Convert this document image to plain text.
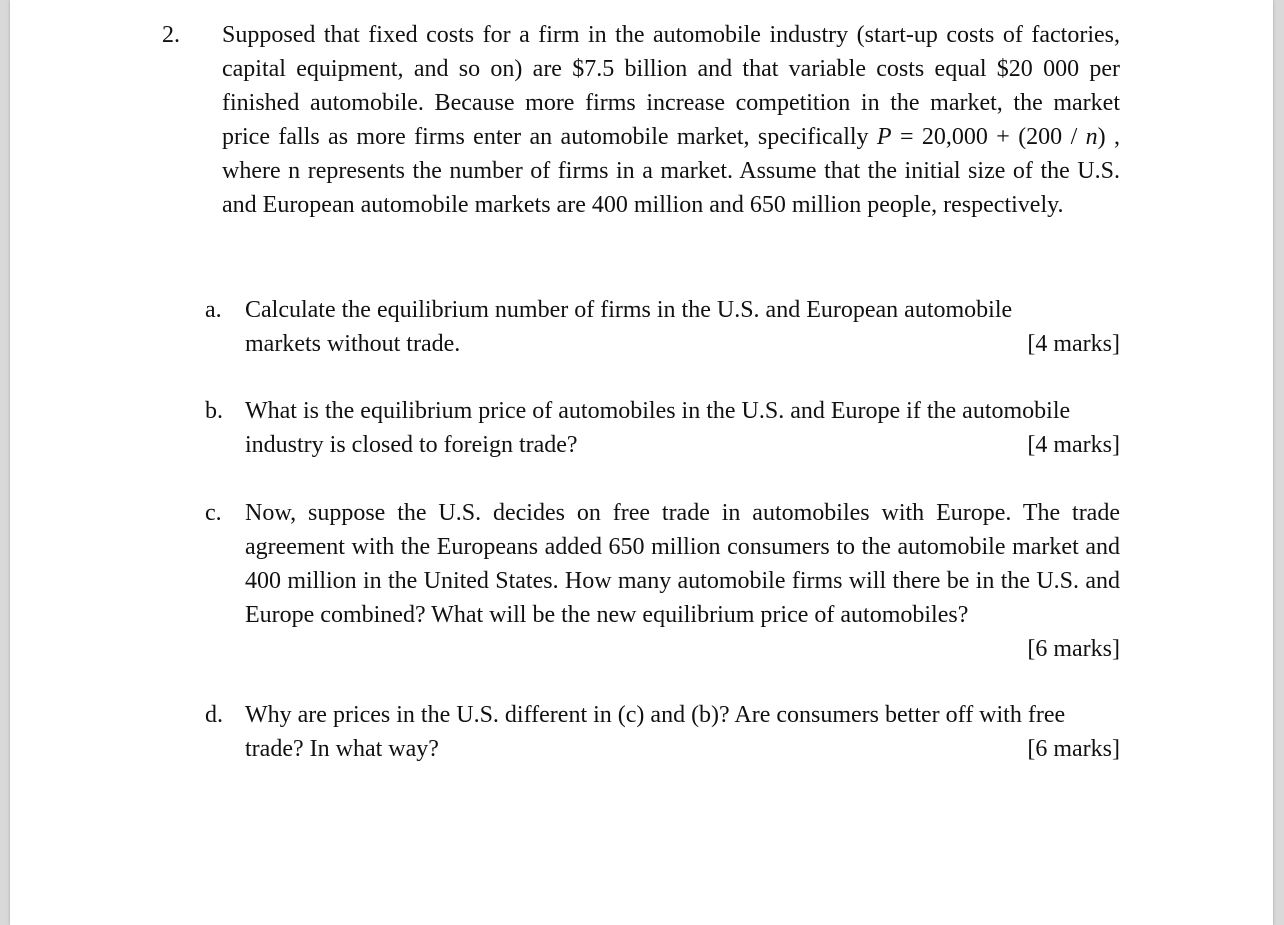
2. Supposed that fixed costs for a firm in the automobile industry (start-up costs of factories, capital equipment, and so on) are $7.5 billion and that variable costs equal $20 000 per finished automobile. Because more firms increase competition in the market, the market price falls as more firms enter an automobile market, specifically P = 20,000 + (200 / n) , where n represents the number of firms in a market. Assume that the initial size of the U.S. and European automobile markets are 400 million and 650 million people, respectively.

a. Calculate the equilibrium number of firms in the U.S. and European automobile
markets without trade.	[4 marks]
b. What is the equilibrium price of automobiles in the U.S. and Europe if the automobile
industry is closed to foreign trade?	[4 marks]
c. Now, suppose the U.S. decides on free trade in automobiles with Europe. The trade agreement with the Europeans added 650 million consumers to the automobile market and 400 million in the United States. How many automobile firms will there be in the U.S. and Europe combined? What will be the new equilibrium price of automobiles?
[6 marks]
d. Why are prices in the U.S. different in (c) and (b)? Are consumers better off with free
trade? In what way?	[6 marks]
